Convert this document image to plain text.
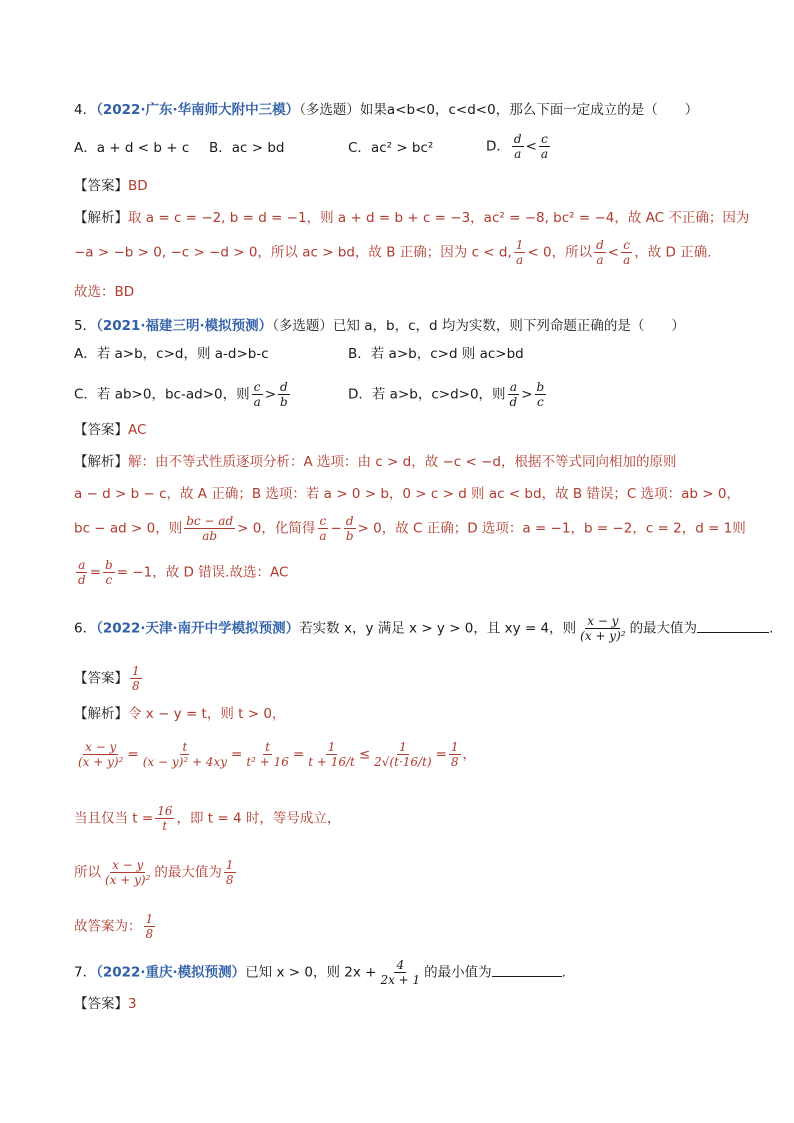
4．（2022·广东·华南师大附中三模）（多选题）如果a<b<0，c<d<0，那么下面一定成立的是（　　）
A．a + d < b + c B．ac > bd	C．ac² > bc²	D． $\frac{d}{a} < \frac{c}{a}$
【答案】BD
【解析】取 a = c = −2, b = d = −1，则 a + d = b + c = −3，ac² = −8, bc² = −4，故 AC 不正确；因为
−a > −b > 0, −c > −d > 0，所以 ac > bd，故 B 正确；因为 c < d, $\frac{1}{a} < 0$，所以 $\frac{d}{a} < \frac{c}{a}$ ，故 D 正确.
故选：BD
5．（2021·福建三明·模拟预测）（多选题）已知 a，b，c，d 均为实数，则下列命题正确的是（　　）
A．若 a>b，c>d，则 a-d>b-c	B．若 a>b，c>d 则 ac>bd
C．若 ab>0，bc-ad>0，则 $\frac{c}{a} > \frac{d}{b}$	D．若 a>b，c>d>0，则 $\frac{a}{d} > \frac{b}{c}$
【答案】AC
【解析】解：由不等式性质逐项分析：A 选项：由 c > d，故 −c < −d，根据不等式同向相加的原则
a − d > b − c，故 A 正确；B 选项：若 a > 0 > b，0 > c > d 则 ac < bd，故 B 错误；C 选项：ab > 0，
bc − ad > 0，则 $\frac{bc - ad}{ab} > 0$，化简得 $\frac{c}{a} - \frac{d}{b} > 0$，故 C 正确；D 选项：a = −1，b = −2，c = 2，d = 1则
$\frac{a}{d} = \frac{b}{c} = -1$，故 D 错误.故选：AC
6．（2022·天津·南开中学模拟预测）若实数 x，y 满足 x > y > 0，且 xy = 4，则 $\frac{x - y}{\text{(x + y)²}}$ 的最大值为	.
【答案】 $\frac{1}{8}$
【解析】令 x − y = t，则 t > 0，
$\frac{x - y}{\text{(x + y)²}} = \frac{t}{\text{(x − y)² + 4xy}} = \frac{t}{\text{t² + 16}} = \frac{1}{t + 16/t} \le \frac{1}{2√(t\cdot 16/t)} = \frac{1}{8}$ ，
当且仅当 $t = \frac{16}{t}$ ，即 t = 4 时，等号成立，
所以 $\frac{x - y}{\text{(x + y)²}}$ 的最大值为 $\frac{1}{8}$
故答案为： $\frac{1}{8}$
7．（2022·重庆·模拟预测）已知 x > 0，则 $2x + \frac{4}{2x + 1}$ 的最小值为	.
【答案】3
